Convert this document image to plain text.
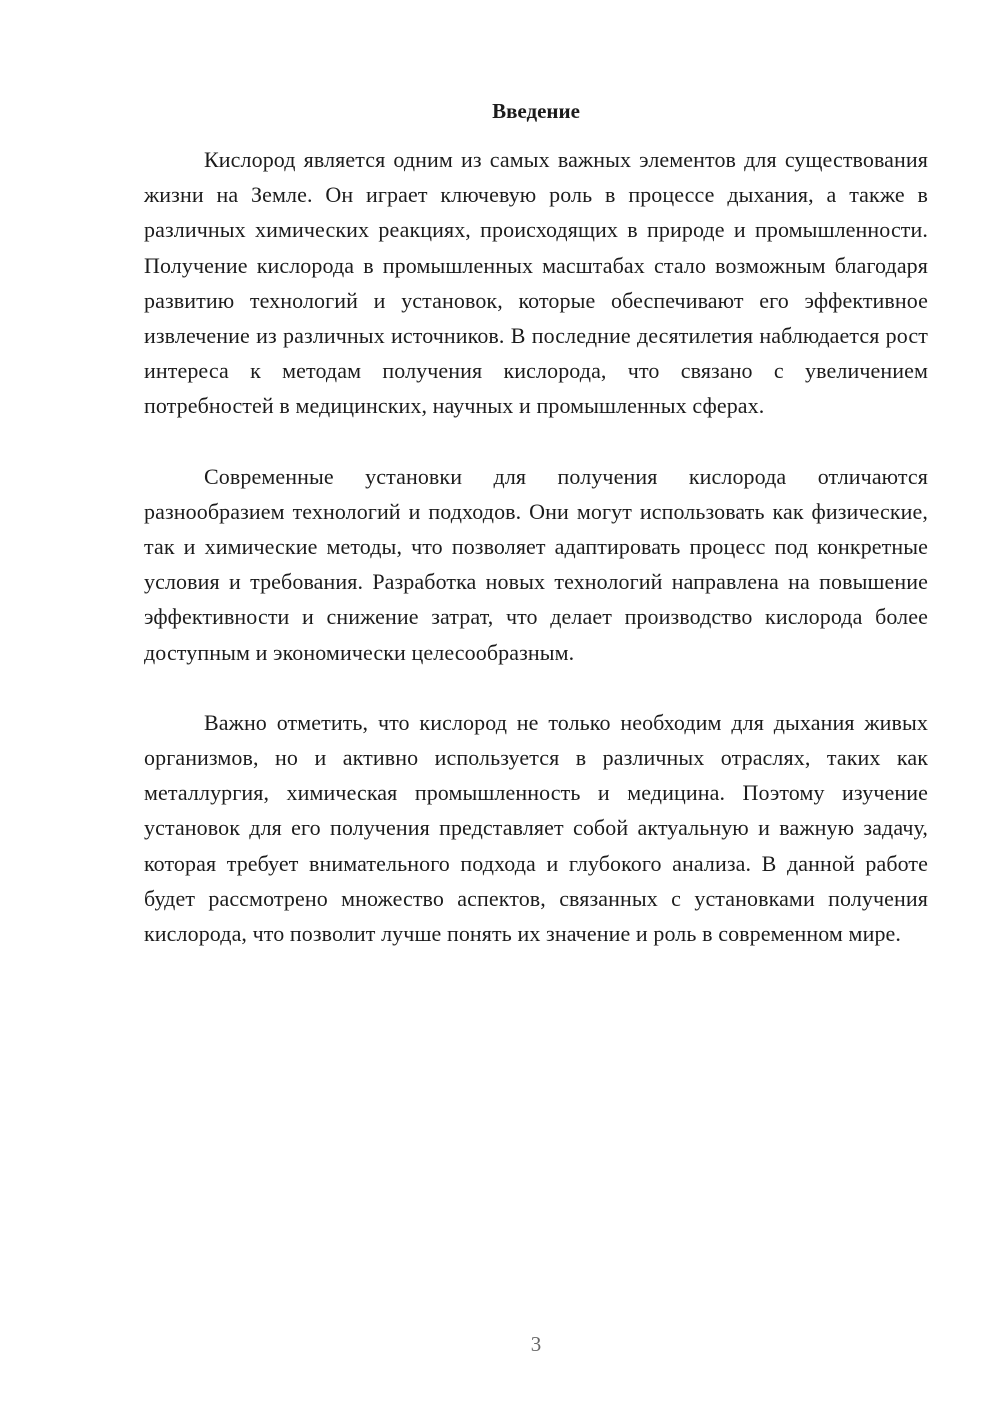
Введение

Кислород является одним из самых важных элементов для существования жизни на Земле. Он играет ключевую роль в процессе дыхания, а также в различных химических реакциях, происходящих в природе и промышленности. Получение кислорода в промышленных масштабах стало возможным благодаря развитию технологий и установок, которые обеспечивают его эффективное извлечение из различных источников. В последние десятилетия наблюдается рост интереса к методам получения кислорода, что связано с увеличением потребностей в медицинских, научных и промышленных сферах.

Современные установки для получения кислорода отличаются разнообразием технологий и подходов. Они могут использовать как физические, так и химические методы, что позволяет адаптировать процесс под конкретные условия и требования. Разработка новых технологий направлена на повышение эффективности и снижение затрат, что делает производство кислорода более доступным и экономически целесообразным.

Важно отметить, что кислород не только необходим для дыхания живых организмов, но и активно используется в различных отраслях, таких как металлургия, химическая промышленность и медицина. Поэтому изучение установок для его получения представляет собой актуальную и важную задачу, которая требует внимательного подхода и глубокого анализа. В данной работе будет рассмотрено множество аспектов, связанных с установками получения кислорода, что позволит лучше понять их значение и роль в современном мире.

3
